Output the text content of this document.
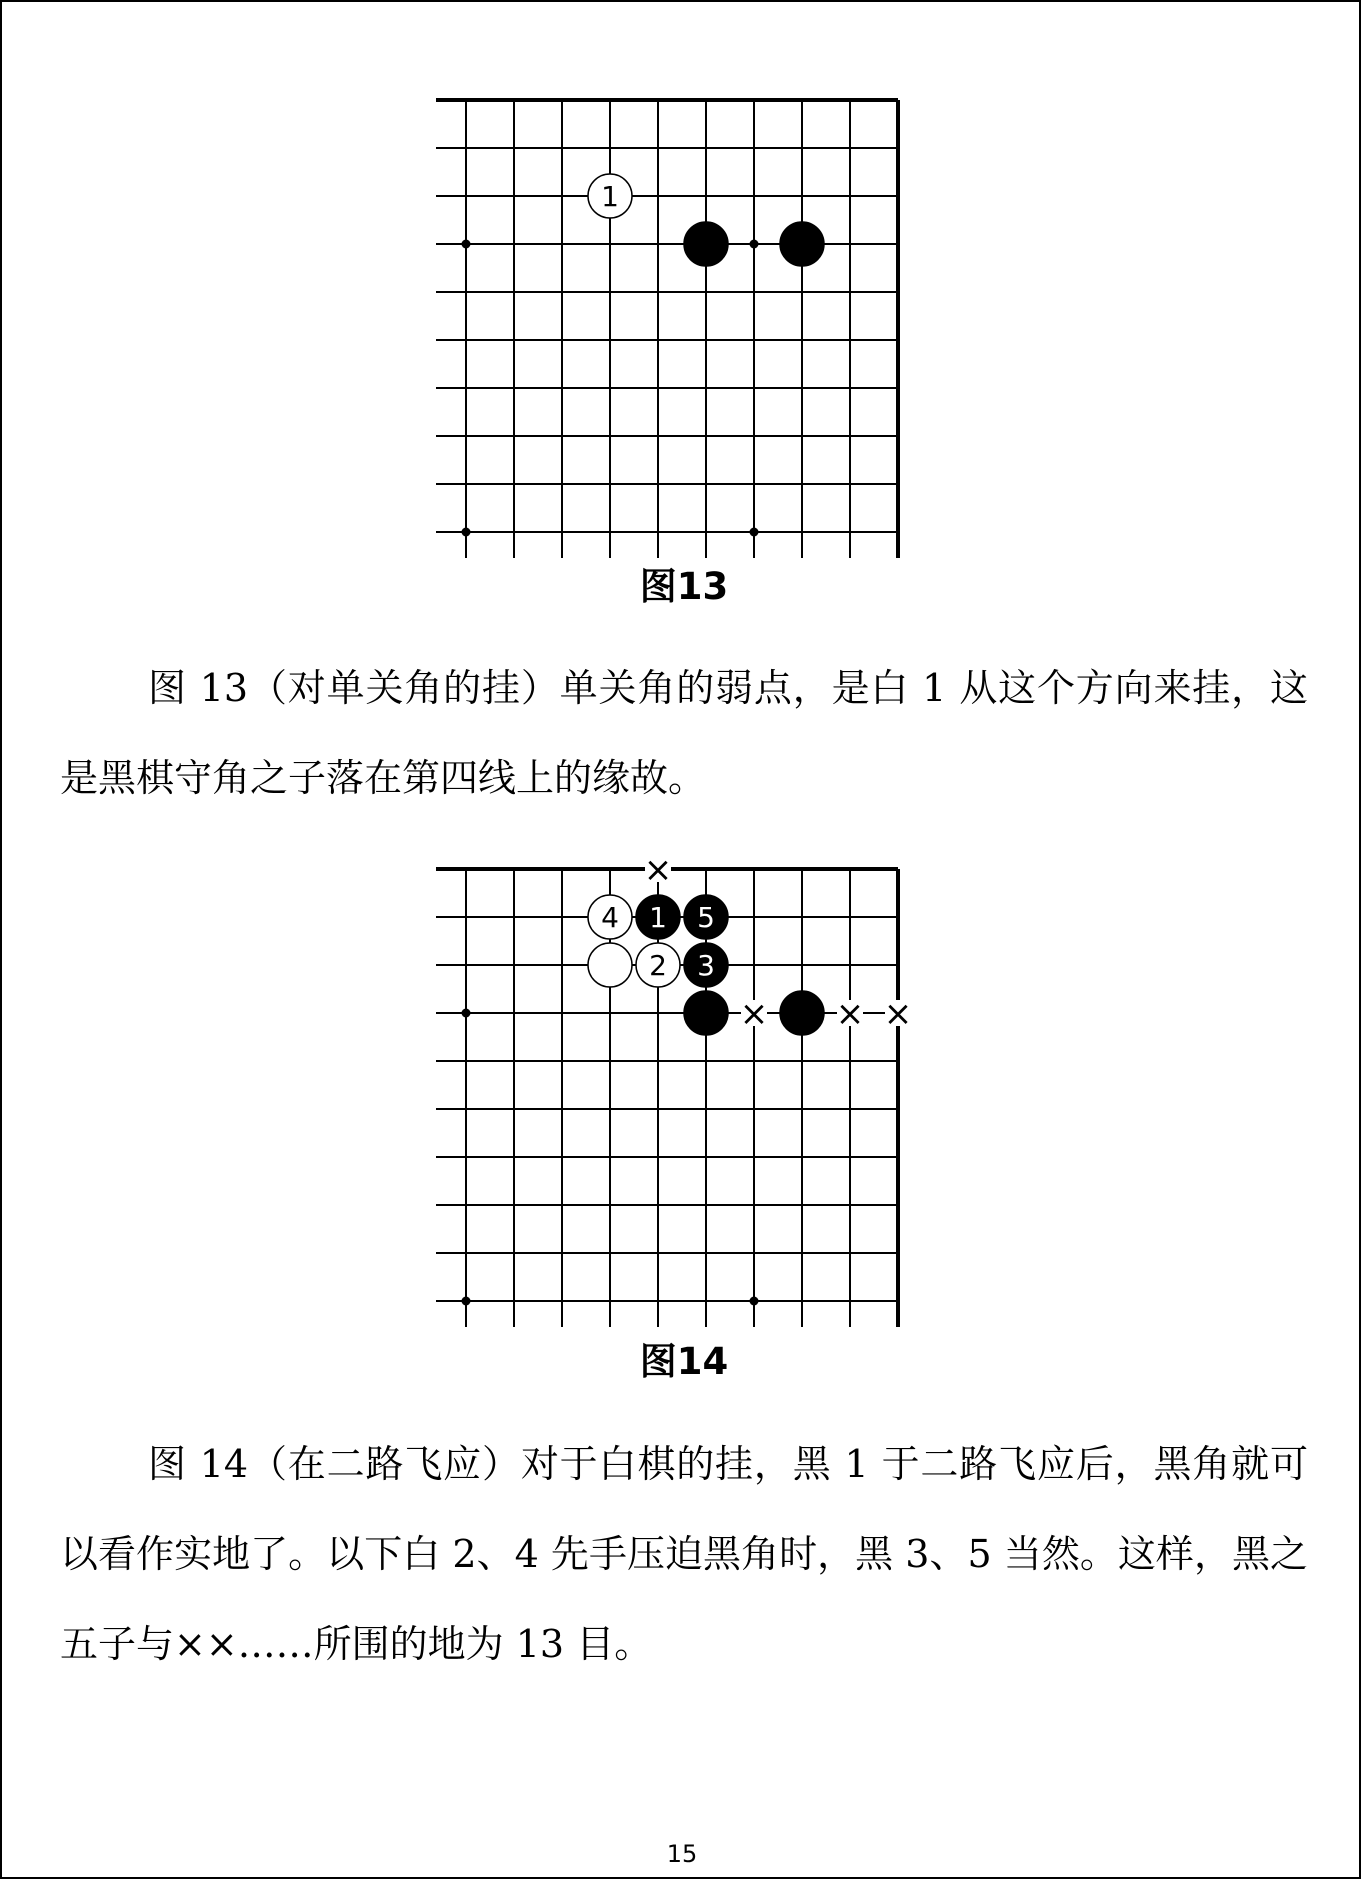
1
图13

图 13（对单关角的挂）单关角的弱点，是白 1 从这个方向来挂，这是黑棋守角之子落在第四线上的缘故。

4 1 5
2 3
×
× × ×
图14

图 14（在二路飞应）对于白棋的挂，黑 1 于二路飞应后，黑角就可以看作实地了。以下白 2、4 先手压迫黑角时，黑 3、5 当然。这样，黑之五子与××……所围的地为 13 目。

15
